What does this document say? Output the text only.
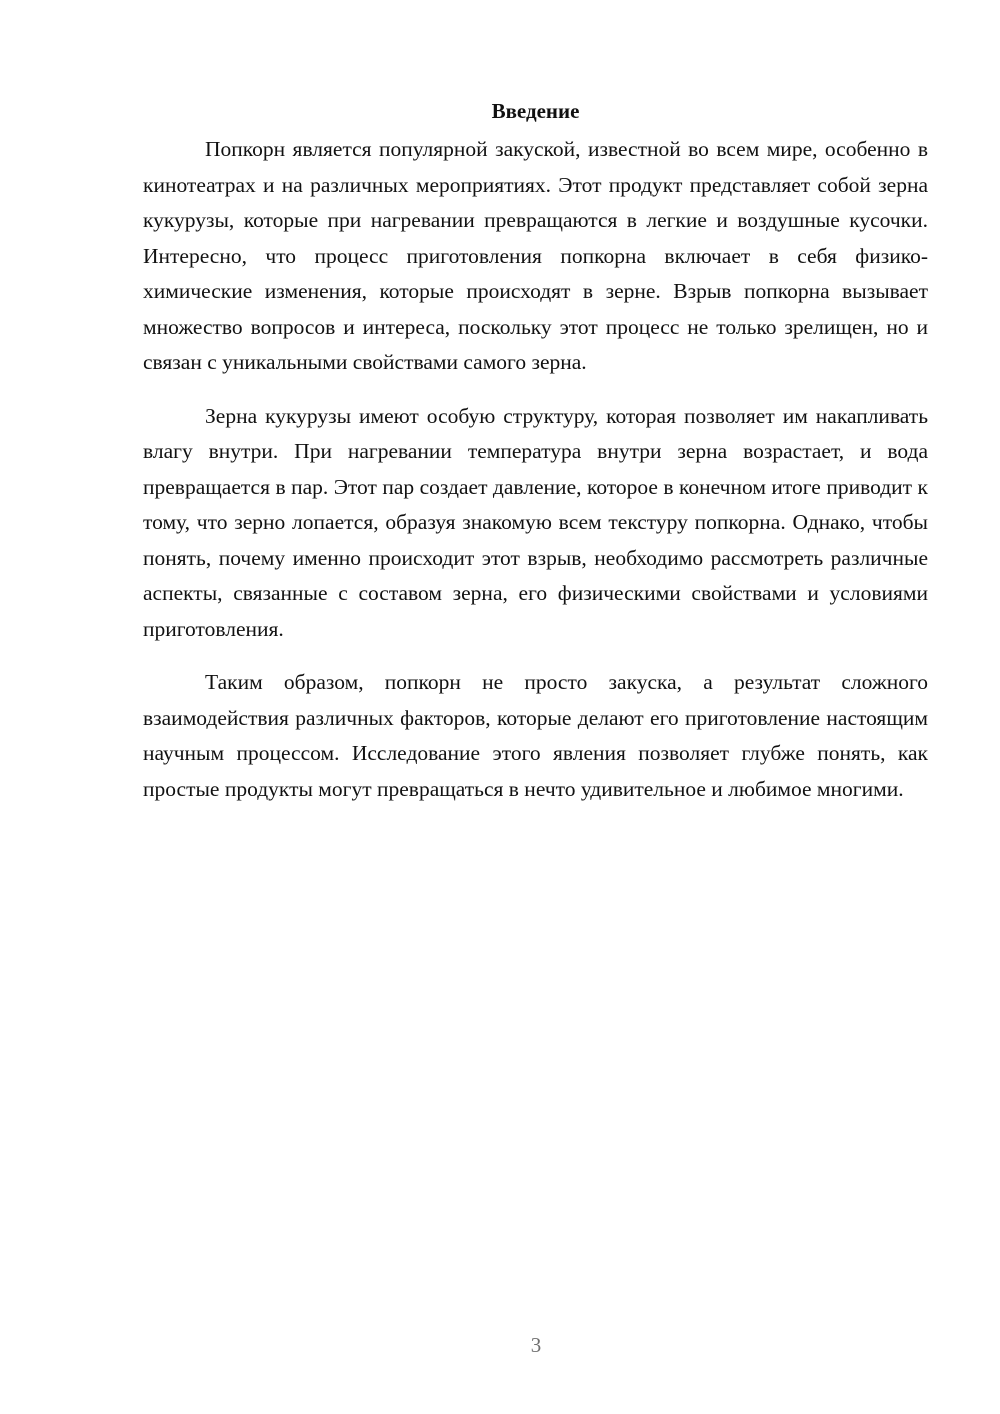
Введение

Попкорн является популярной закуской, известной во всем мире, особенно в кинотеатрах и на различных мероприятиях. Этот продукт представляет собой зерна кукурузы, которые при нагревании превращаются в легкие и воздушные кусочки. Интересно, что процесс приготовления попкорна включает в себя физико-химические изменения, которые происходят в зерне. Взрыв попкорна вызывает множество вопросов и интереса, поскольку этот процесс не только зрелищен, но и связан с уникальными свойствами самого зерна.

Зерна кукурузы имеют особую структуру, которая позволяет им накапливать влагу внутри. При нагревании температура внутри зерна возрастает, и вода превращается в пар. Этот пар создает давление, которое в конечном итоге приводит к тому, что зерно лопается, образуя знакомую всем текстуру попкорна. Однако, чтобы понять, почему именно происходит этот взрыв, необходимо рассмотреть различные аспекты, связанные с составом зерна, его физическими свойствами и условиями приготовления.

Таким образом, попкорн не просто закуска, а результат сложного взаимодействия различных факторов, которые делают его приготовление настоящим научным процессом. Исследование этого явления позволяет глубже понять, как простые продукты могут превращаться в нечто удивительное и любимое многими.

3
